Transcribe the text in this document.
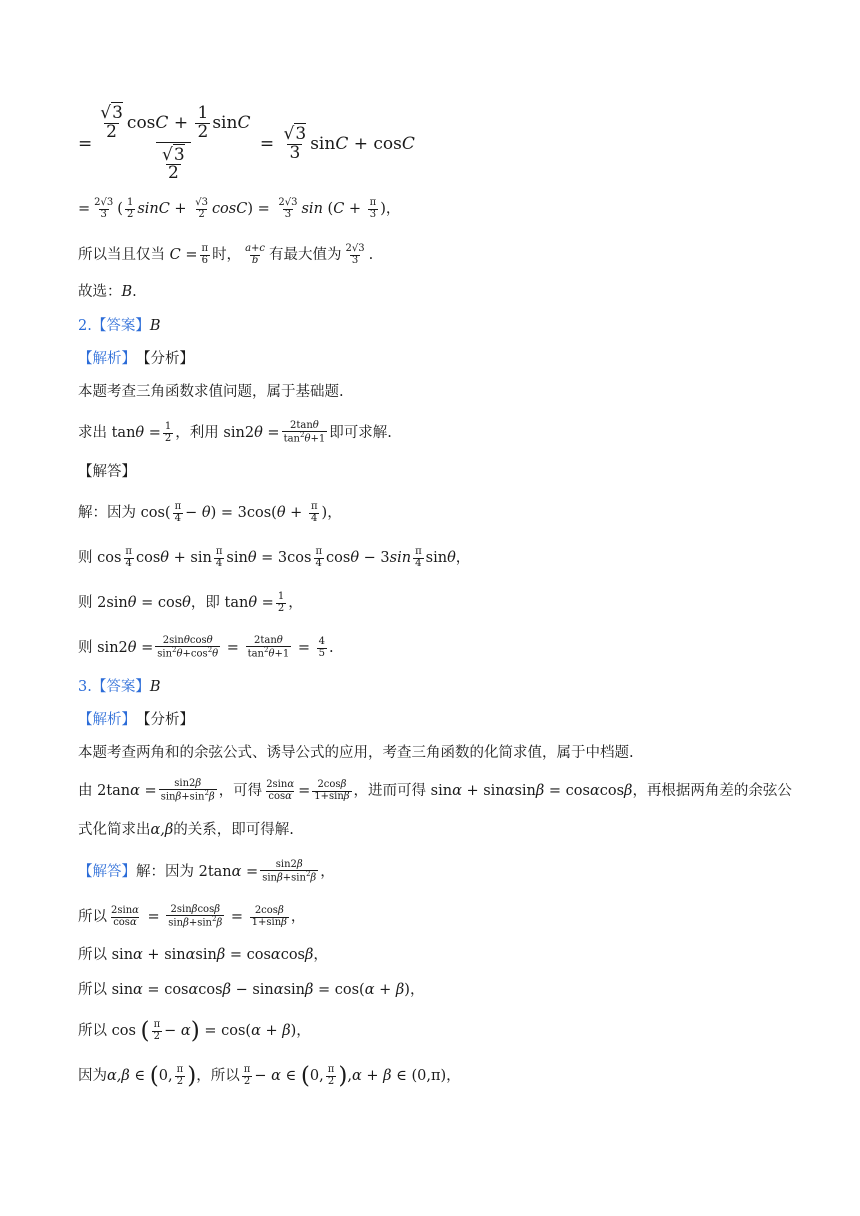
= $\frac{\frac{√3}{2} \cos C + \frac{1}{2} \sin C}{\frac{√3}{2}} = \frac{√3}{3}$ sinC + cosC
= $\frac{2√3}{3}$ ( $\frac{1}{2}$ $\sin C + \frac{√3}{2}$ cosC ) = $\frac{2√3}{3}$ sin ( $C + \frac{\pi}{3}$ )，
所以当且仅当 $C = \frac{\pi}{6}$ 时， $\frac{a+c}{b}$ 有最大值为 $\frac{2√3}{3}$ .
故选： B .
2. 【答案】 B
【解析】 【分析】
本题考查三角函数求值问题，属于基础题.
求出 $\tan\theta = \frac{1}{2}$ ，利用 $\sin 2\theta = \frac{2\tan\theta}{\tan^2\theta+1}$ 即可求解.
【解答】
解：因为 $\cos( \frac{\pi}{4} - \theta) = 3\cos(\theta + \frac{\pi}{4}$ )，
则 $\cos \frac{\pi}{4}$ $\cos\theta + \sin \frac{\pi}{4}$ $\sin\theta = 3\cos \frac{\pi}{4}$ $\cos\theta - 3\sin \frac{\pi}{4}$ sinθ，
则 2sinθ = cosθ ，即 $\tan\theta = \frac{1}{2}$ ，
则 $\sin 2\theta = \frac{2\sin\theta\cos\theta}{\sin^2\theta+\cos^2\theta} = \frac{2\tan\theta}{\tan^2\theta+1} = \frac{4}{5}$ .
3. 【答案】 B
【解析】 【分析】
本题考查两角和的余弦公式、诱导公式的应用，考查三角函数的化简求值，属于中档题.
由 $2\tan\alpha = \frac{\sin 2\beta}{\sin\beta+\sin^2\beta}$ ，可得 $\frac{2\sin\alpha}{\cos\alpha} = \frac{2\cos\beta}{1+\sin\beta}$ ，进而可得 sinα + sinαsinβ = cosαcosβ ，再根据两角差的余弦公
式化简求出 α,β 的关系，即可得解.
【解答】 解：因为 $2\tan\alpha = \frac{\sin 2\beta}{\sin\beta+\sin^2\beta}$ ，
所以 $\frac{2\sin\alpha}{\cos\alpha} = \frac{2\sin\beta\cos\beta}{\sin\beta+\sin^2\beta} = \frac{2\cos\beta}{1+\sin\beta}$ ，
所以 sinα + sinαsinβ = cosαcosβ，
所以 sinα = cosαcosβ − sinαsinβ = cos(α + β)，
所以 cos ( $\frac{\pi}{2} - \alpha$ ) = cos(α + β)，
因为 α,β ∈ ( 0, $\frac{\pi}{2}$ ) ，所以 $\frac{\pi}{2} - \alpha$ ∈ ( 0, $\frac{\pi}{2}$ ) ,α + β ∈ (0,π)，
